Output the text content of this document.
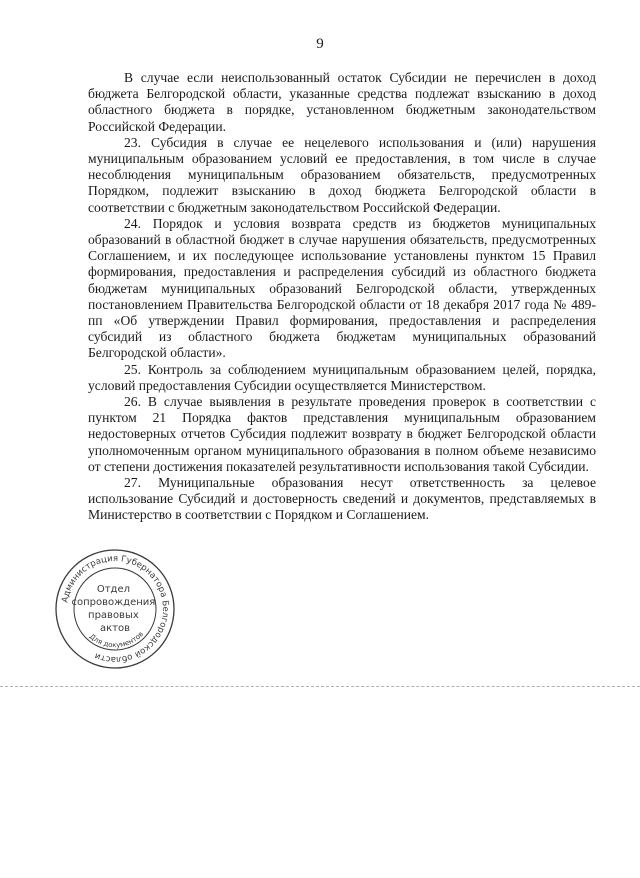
9

В случае если неиспользованный остаток Субсидии не перечислен в доход бюджета Белгородской области, указанные средства подлежат взысканию в доход областного бюджета в порядке, установленном бюджетным законодательством Российской Федерации.

23. Субсидия в случае ее нецелевого использования и (или) нарушения муниципальным образованием условий ее предоставления, в том числе в случае несоблюдения муниципальным образованием обязательств, предусмотренных Порядком, подлежит взысканию в доход бюджета Белгородской области в соответствии с бюджетным законодательством Российской Федерации.

24. Порядок и условия возврата средств из бюджетов муниципальных образований в областной бюджет в случае нарушения обязательств, предусмотренных Соглашением, и их последующее использование установлены пунктом 15 Правил формирования, предоставления и распределения субсидий из областного бюджета бюджетам муниципальных образований Белгородской области, утвержденных постановлением Правительства Белгородской области от 18 декабря 2017 года № 489-пп «Об утверждении Правил формирования, предоставления и распределения субсидий из областного бюджета бюджетам муниципальных образований Белгородской области».

25. Контроль за соблюдением муниципальным образованием целей, порядка, условий предоставления Субсидии осуществляется Министерством.

26. В случае выявления в результате проведения проверок в соответствии с пунктом 21 Порядка фактов представления муниципальным образованием недостоверных отчетов Субсидия подлежит возврату в бюджет Белгородской области уполномоченным органом муниципального образования в полном объеме независимо от степени достижения показателей результативности использования такой Субсидии.

27. Муниципальные образования несут ответственность за целевое использование Субсидий и достоверность сведений и документов, представляемых в Министерство в соответствии с Порядком и Соглашением.

Администрация Губернатора Белгородской области
Отдел сопровождения правовых актов
Для документов
